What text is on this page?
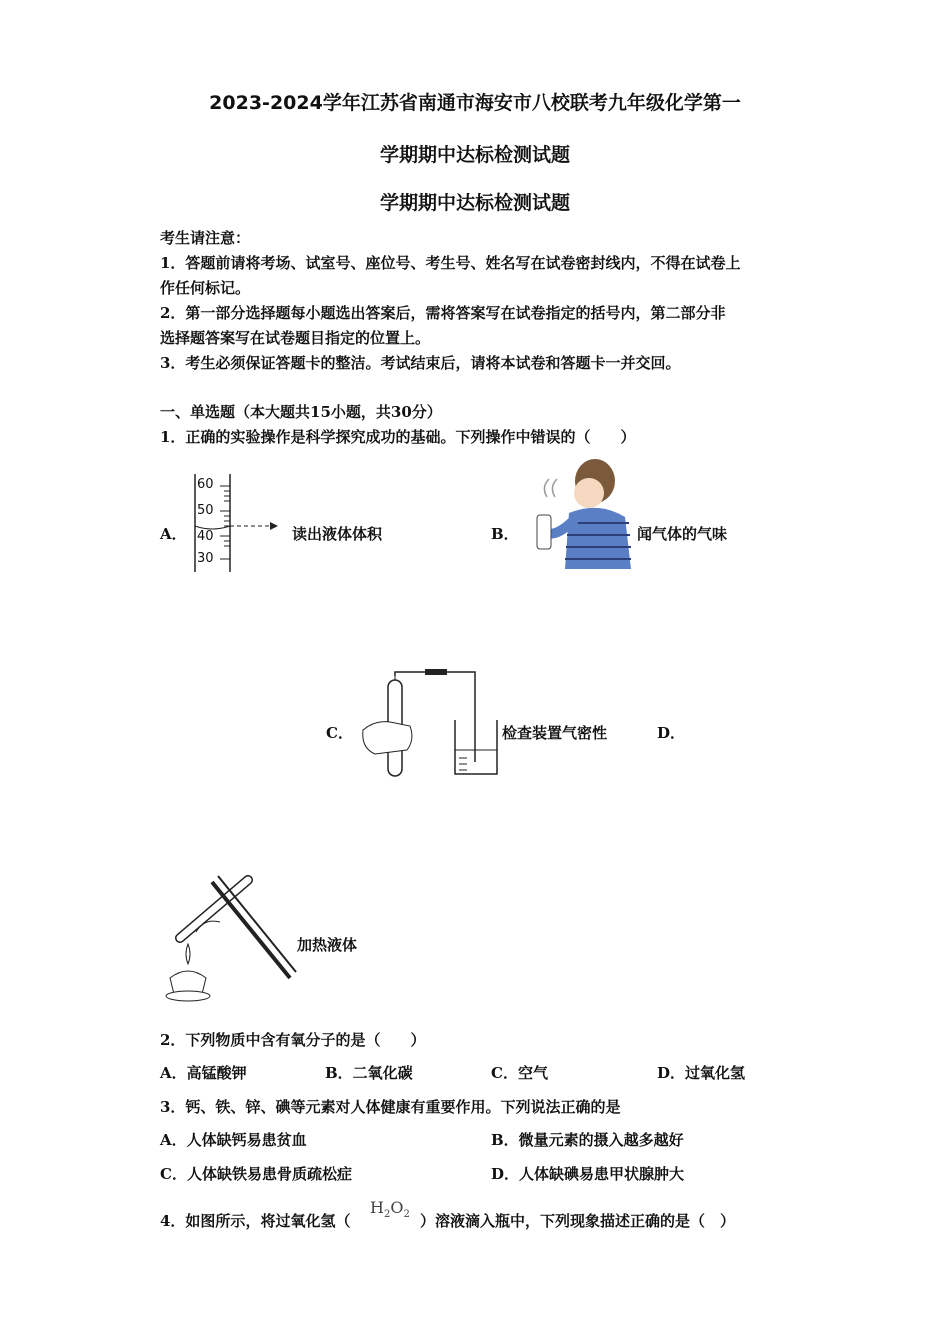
2023-2024学年江苏省南通市海安市八校联考九年级化学第一
学期期中达标检测试题
学期期中达标检测试题
考生请注意：
1．答题前请将考场、试室号、座位号、考生号、姓名写在试卷密封线内，不得在试卷上
作任何标记。
2．第一部分选择题每小题选出答案后，需将答案写在试卷指定的括号内，第二部分非
选择题答案写在试卷题目指定的位置上。
3．考生必须保证答题卡的整洁。考试结束后，请将本试卷和答题卡一并交回。
一、单选题（本大题共15小题，共30分）
1．正确的实验操作是科学探究成功的基础。下列操作中错误的（　　）
A．
60
50
40
30
读出液体体积	B．	闻气体的气味
C．	检查装置气密性	D．
加热液体
2．下列物质中含有氧分子的是（　　）
A．高锰酸钾	B．二氧化碳	C．空气	D．过氧化氢
3．钙、铁、锌、碘等元素对人体健康有重要作用。下列说法正确的是
A．人体缺钙易患贫血	B．微量元素的摄入越多越好
C．人体缺铁易患骨质疏松症	D．人体缺碘易患甲状腺肿大
4．如图所示，将过氧化氢（
$H_2O_2$ ）溶液滴入瓶中，下列现象描述正确的是（　）
